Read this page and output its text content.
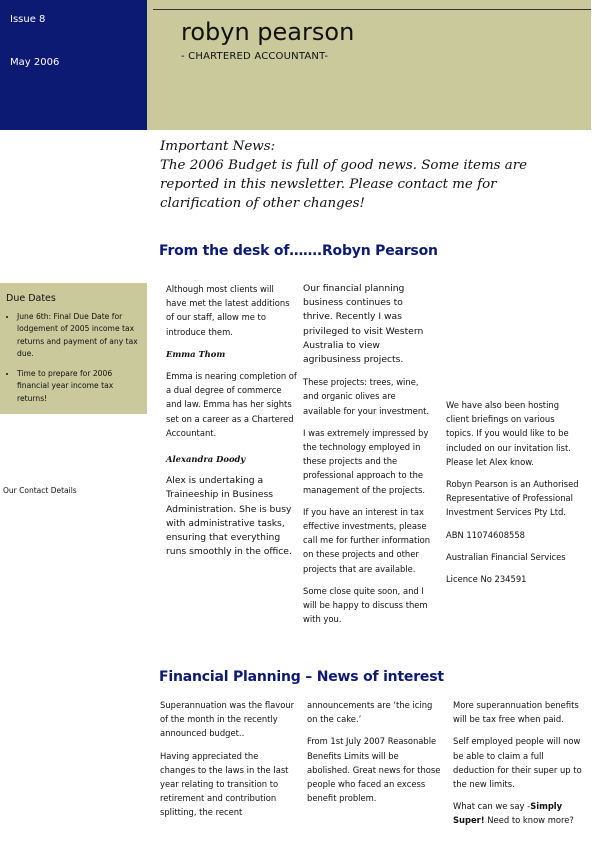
Issue 8
May 2006
robyn pearson
- CHARTERED ACCOUNTANT-

Important News:

The 2006 Budget is full of good news. Some items are reported in this newsletter. Please contact me for clarification of other changes!

Due Dates
• June 6th: Final Due Date for lodgement of 2005 income tax returns and payment of any tax due.
• Time to prepare for 2006 financial year income tax returns!
Our Contact Details
From the desk of…….Robyn Pearson

Although most clients will have met the latest additions of our staff, allow me to introduce them.

Emma Thom

Emma is nearing completion of a dual degree of commerce and law. Emma has her sights set on a career as a Chartered Accountant.

Alexandra Doody

Alex is undertaking a Traineeship in Business Administration. She is busy with administrative tasks, ensuring that everything runs smoothly in the office.

Our financial planning business continues to thrive. Recently I was privileged to visit Western Australia to view agribusiness projects.

These projects: trees, wine, and organic olives are available for your investment.

I was extremely impressed by the technology employed in these projects and the professional approach to the management of the projects.

If you have an interest in tax effective investments, please call me for further information on these projects and other projects that are available.

Some close quite soon, and I will be happy to discuss them with you.

We have also been hosting client briefings on various topics. If you would like to be included on our invitation list. Please let Alex know.

Robyn Pearson is an Authorised Representative of Professional Investment Services Pty Ltd.

ABN 11074608558

Australian Financial Services

Licence No 234591

Financial Planning – News of interest

Superannuation was the flavour of the month in the recently announced budget..

Having appreciated the changes to the laws in the last year relating to transition to retirement and contribution splitting, the recent

announcements are ‘the icing on the cake.’

From 1st July 2007 Reasonable Benefits Limits will be abolished. Great news for those people who faced an excess benefit problem.

More superannuation benefits will be tax free when paid.

Self employed people will now be able to claim a full deduction for their super up to the new limits.

What can we say -Simply Super! Need to know more?
